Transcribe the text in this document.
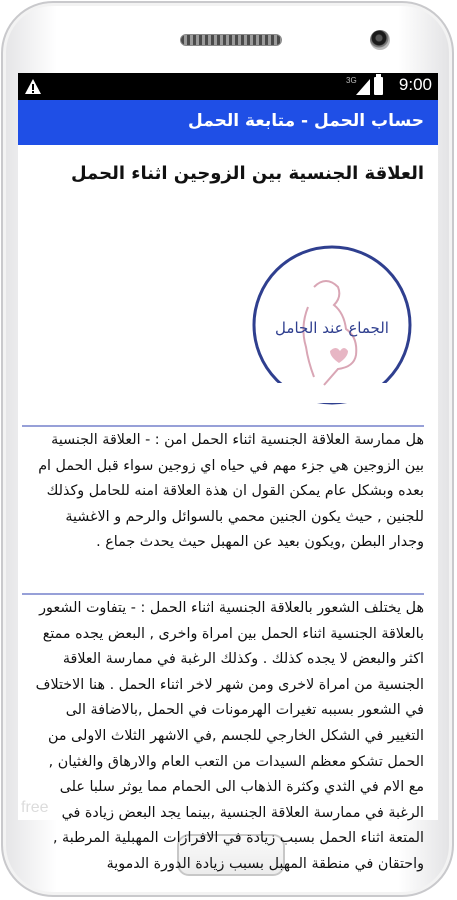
3G 9:00
حساب الحمل - متابعة الحمل
العلاقة الجنسية بين الزوجين اثناء الحمل
الجماع عند الحامل

هل ممارسة العلاقة الجنسية اثناء الحمل امن : - العلاقة الجنسية بين الزوجين هي جزء مهم في حياه اي زوجين سواء قبل الحمل ام بعده وبشكل عام يمكن القول ان هذة العلاقة امنه للحامل وكذلك للجنين , حيث يكون الجنين محمي بالسوائل والرحم و الاغشية وجدار البطن ,ويكون بعيد عن المهبل حيث يحدث جماع .

هل يختلف الشعور بالعلاقة الجنسية اثناء الحمل : - يتفاوت الشعور بالعلاقة الجنسية اثناء الحمل بين امراة واخرى , البعض يجده ممتع اكثر والبعض لا يجده كذلك . وكذلك الرغبة في ممارسة العلاقة الجنسية من امراة لاخرى ومن شهر لاخر اثناء الحمل . هنا الاختلاف في الشعور بسببه تغيرات الهرمونات في الحمل ,بالاضافة الى التغيير في الشكل الخارجي للجسم ,في الاشهر الثلاث الاولى من الحمل تشكو معظم السيدات من التعب العام والارهاق والغثيان , مع الام في الثدي وكثرة الذهاب الى الحمام مما يوثر سلبا على الرغبة في ممارسة العلاقة الجنسية ,بينما يجد البعض زيادة في المتعة اثناء الحمل بسبب زيادة في الافرازات المهبلية المرطبة , واحتقان في منطقة المهبل بسبب زيادة الدورة الدموية

free
